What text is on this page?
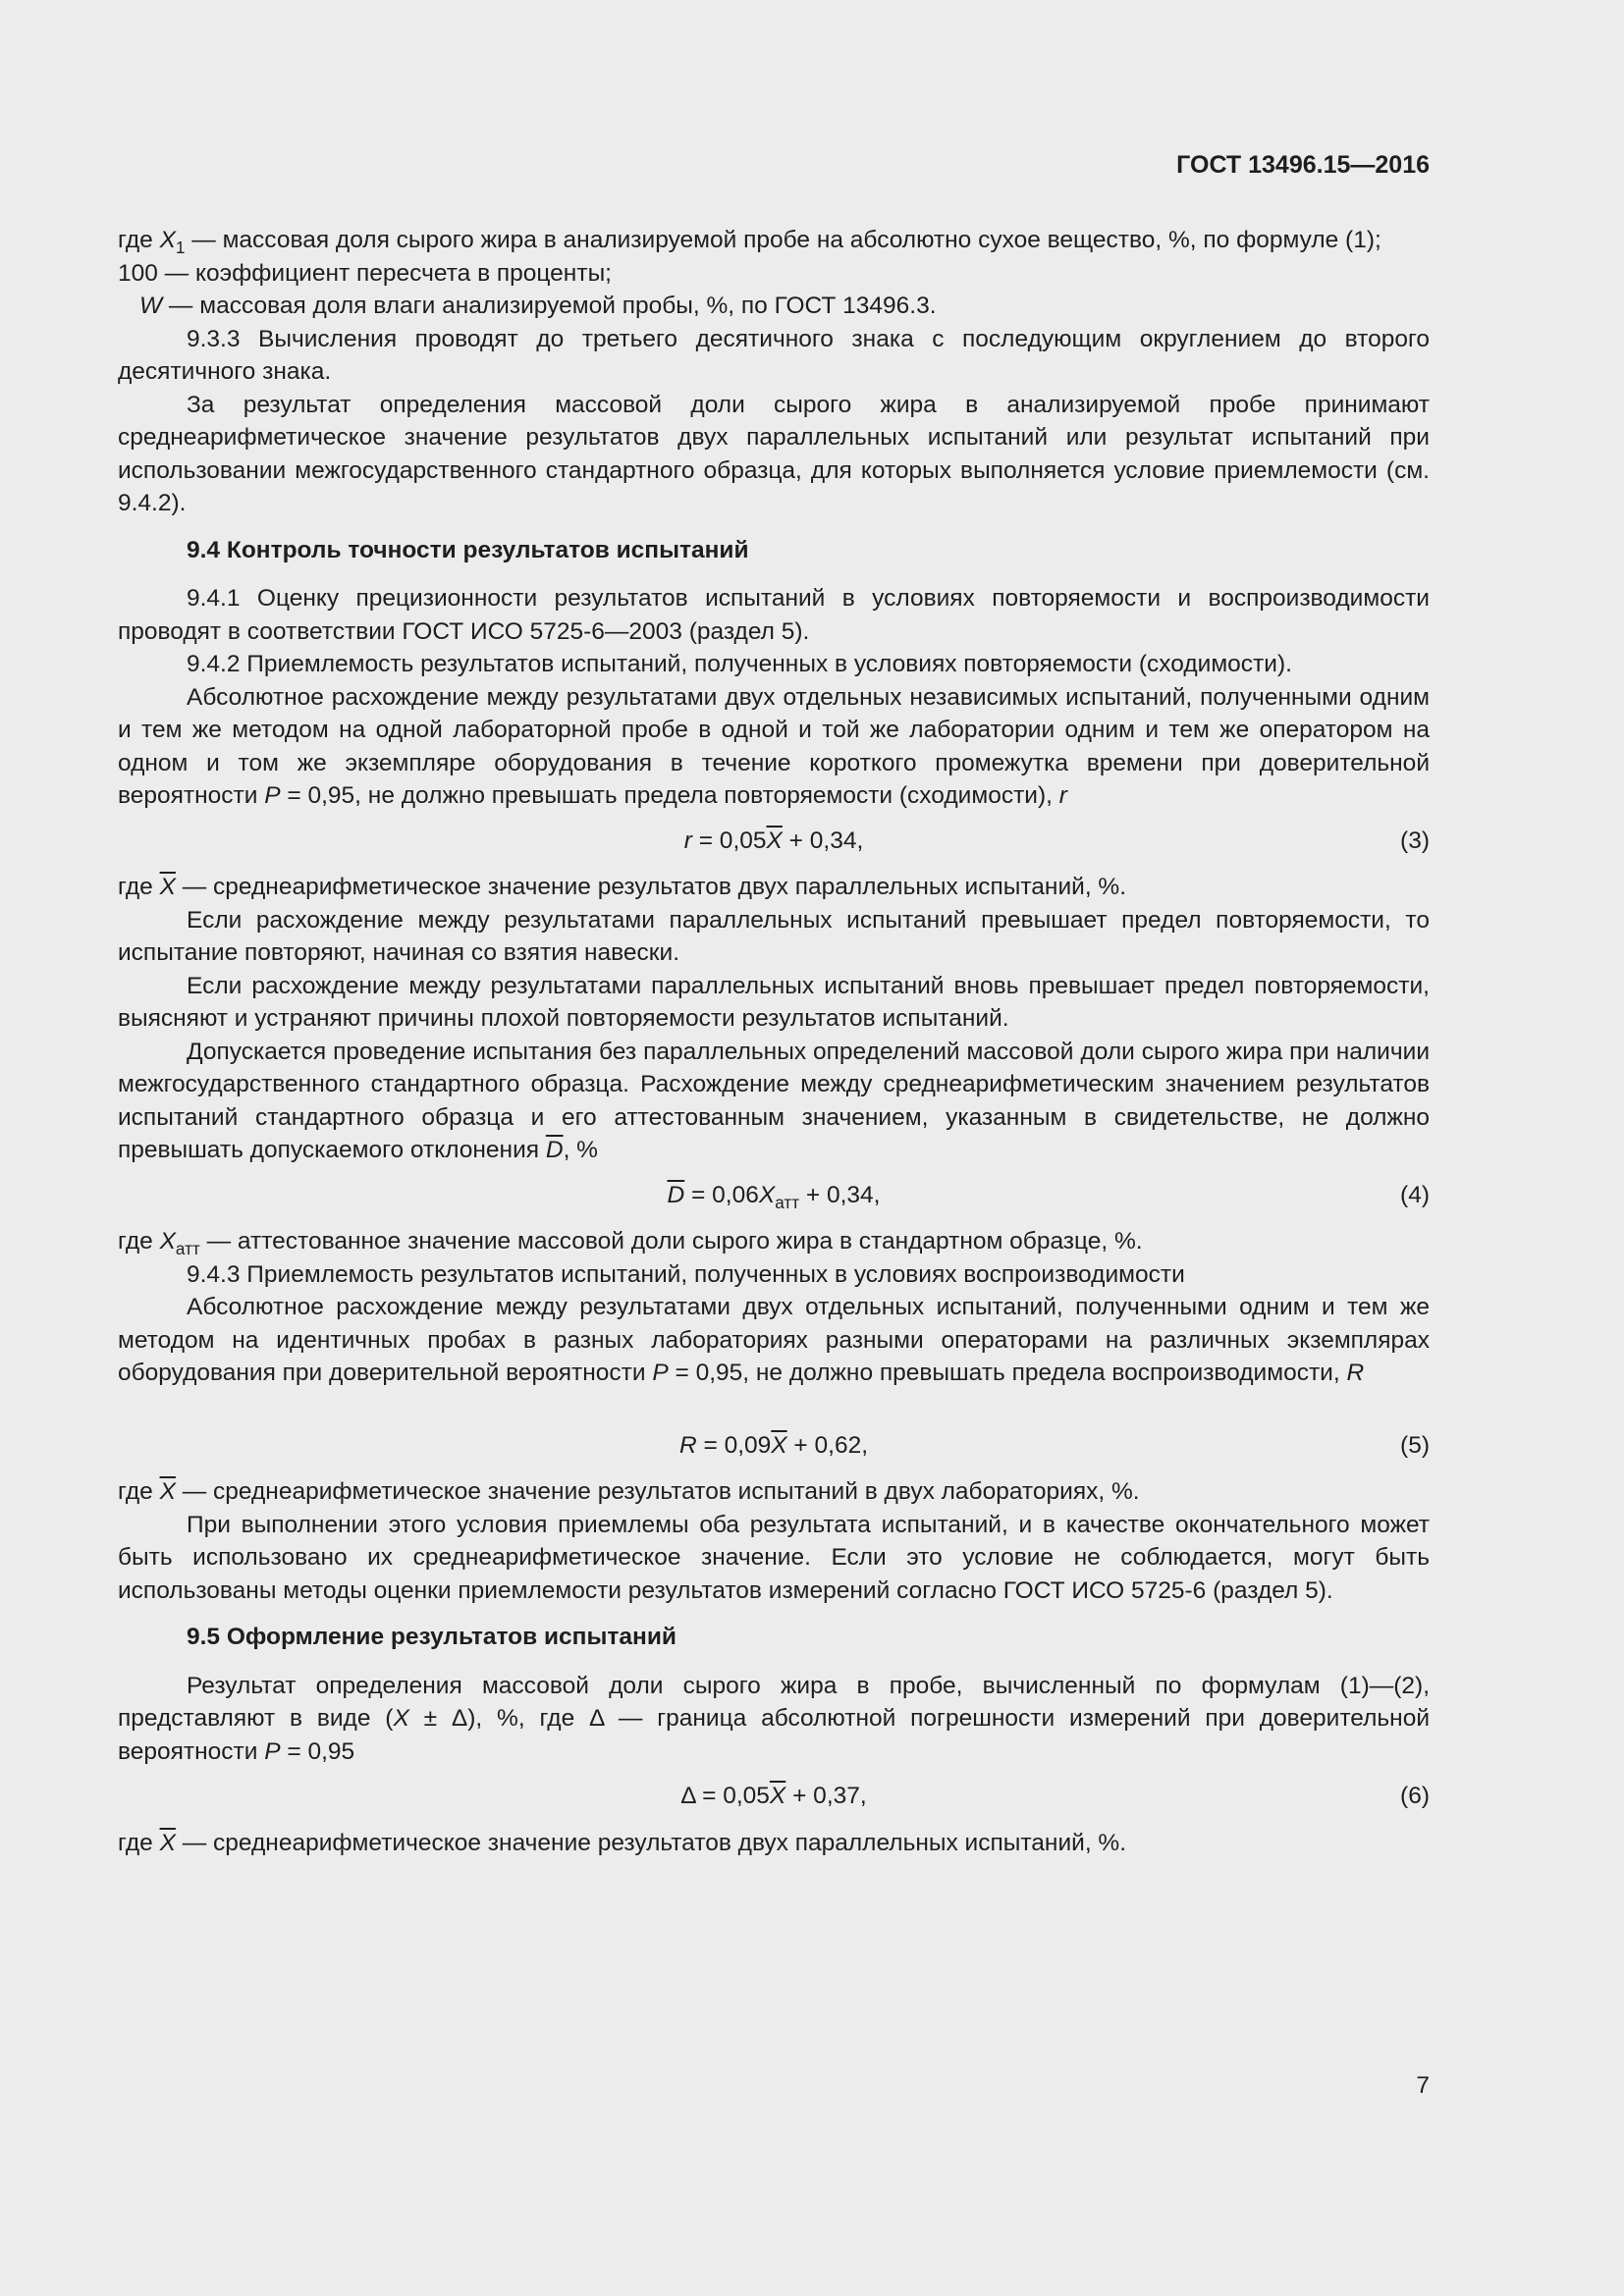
ГОСТ 13496.15—2016

где $X_1$ — массовая доля сырого жира в анализируемой пробе на абсолютно сухое вещество, %, по формуле (1);

100 — коэффициент пересчета в проценты;

W — массовая доля влаги анализируемой пробы, %, по ГОСТ 13496.3.

9.3.3 Вычисления проводят до третьего десятичного знака с последующим округлением до второго десятичного знака.

За результат определения массовой доли сырого жира в анализируемой пробе принимают среднеарифметическое значение результатов двух параллельных испытаний или результат испытаний при использовании межгосударственного стандартного образца, для которых выполняется условие приемлемости (см. 9.4.2).

9.4 Контроль точности результатов испытаний

9.4.1 Оценку прецизионности результатов испытаний в условиях повторяемости и воспроизводимости проводят в соответствии ГОСТ ИСО 5725-6—2003 (раздел 5).

9.4.2 Приемлемость результатов испытаний, полученных в условиях повторяемости (сходимости).

Абсолютное расхождение между результатами двух отдельных независимых испытаний, полученными одним и тем же методом на одной лабораторной пробе в одной и той же лаборатории одним и тем же оператором на одном и том же экземпляре оборудования в течение короткого промежутка времени при доверительной вероятности P = 0,95, не должно превышать предела повторяемости (сходимости), r

$r = 0,05\overline{X} + 0,34$,	(3)

где $\overline{X}$ — среднеарифметическое значение результатов двух параллельных испытаний, %.

Если расхождение между результатами параллельных испытаний превышает предел повторяемости, то испытание повторяют, начиная со взятия навески.

Если расхождение между результатами параллельных испытаний вновь превышает предел повторяемости, выясняют и устраняют причины плохой повторяемости результатов испытаний.

Допускается проведение испытания без параллельных определений массовой доли сырого жира при наличии межгосударственного стандартного образца. Расхождение между среднеарифметическим значением результатов испытаний стандартного образца и его аттестованным значением, указанным в свидетельстве, не должно превышать допускаемого отклонения $\overline{D}$, %

$\overline{D} = 0,06X_{атт} + 0,34$,	(4)

где $X_{атт}$ — аттестованное значение массовой доли сырого жира в стандартном образце, %.

9.4.3 Приемлемость результатов испытаний, полученных в условиях воспроизводимости

Абсолютное расхождение между результатами двух отдельных испытаний, полученными одним и тем же методом на идентичных пробах в разных лабораториях разными операторами на различных экземплярах оборудования при доверительной вероятности P = 0,95, не должно превышать предела воспроизводимости, R

$R = 0,09\overline{X} + 0,62$,	(5)

где $\overline{X}$ — среднеарифметическое значение результатов испытаний в двух лабораториях, %.

При выполнении этого условия приемлемы оба результата испытаний, и в качестве окончательного может быть использовано их среднеарифметическое значение. Если это условие не соблюдается, могут быть использованы методы оценки приемлемости результатов измерений согласно ГОСТ ИСО 5725-6 (раздел 5).

9.5 Оформление результатов испытаний

Результат определения массовой доли сырого жира в пробе, вычисленный по формулам (1)—(2), представляют в виде (X ± Δ), %, где Δ — граница абсолютной погрешности измерений при доверительной вероятности P = 0,95

$\Delta = 0,05\overline{X} + 0,37$,	(6)

где $\overline{X}$ — среднеарифметическое значение результатов двух параллельных испытаний, %.

7
